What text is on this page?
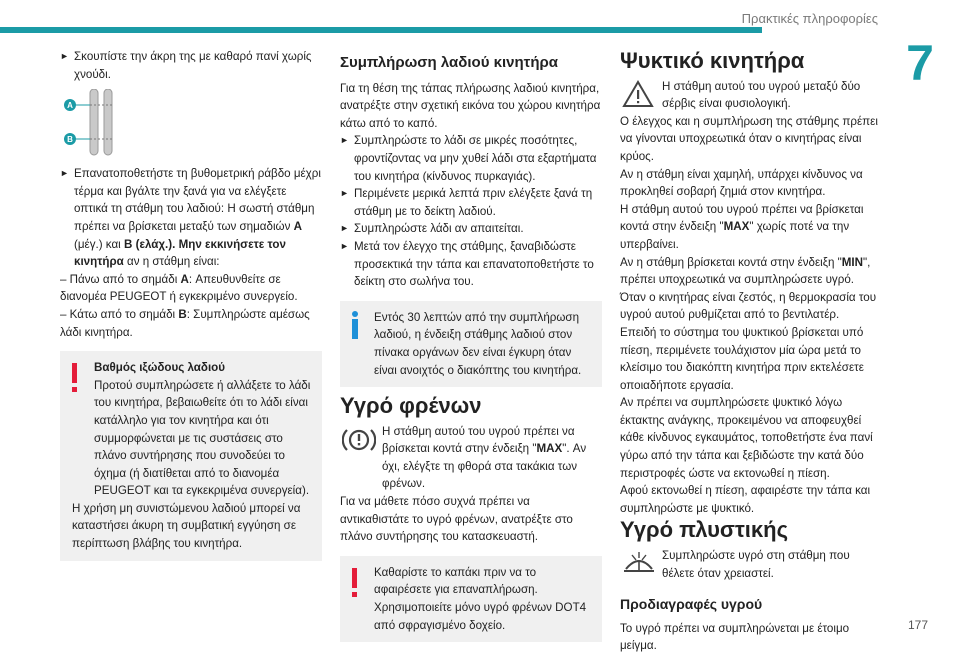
Πρακτικές πληροφορίες
7
177

► Σκουπίστε την άκρη της με καθαρό πανί χωρίς χνούδι.

A
B

► Επανατοποθετήστε τη βυθομετρική ράβδο μέχρι τέρμα και βγάλτε την ξανά για να ελέγξετε οπτικά τη στάθμη του λαδιού: Η σωστή στάθμη πρέπει να βρίσκεται μεταξύ των σημαδιών A (μέγ.) και B (ελάχ.). Μην εκκινήσετε τον κινητήρα αν η στάθμη είναι:

– Πάνω από το σημάδι A: Απευθυνθείτε σε διανομέα PEUGEOT ή εγκεκριμένο συνεργείο.

– Κάτω από το σημάδι B: Συμπληρώστε αμέσως λάδι κινητήρα.

Βαθμός ιξώδους λαδιού

Προτού συμπληρώσετε ή αλλάξετε το λάδι του κινητήρα, βεβαιωθείτε ότι το λάδι είναι κατάλληλο για τον κινητήρα και ότι συμμορφώνεται με τις συστάσεις στο πλάνο συντήρησης που συνοδεύει το όχημα (ή διατίθεται από το διανομέα PEUGEOT και τα εγκεκριμένα συνεργεία).

Η χρήση μη συνιστώμενου λαδιού μπορεί να καταστήσει άκυρη τη συμβατική εγγύηση σε περίπτωση βλάβης του κινητήρα.

Συμπλήρωση λαδιού κινητήρα

Για τη θέση της τάπας πλήρωσης λαδιού κινητήρα, ανατρέξτε στην σχετική εικόνα του χώρου κινητήρα κάτω από το καπό.

► Συμπληρώστε το λάδι σε μικρές ποσότητες, φροντίζοντας να μην χυθεί λάδι στα εξαρτήματα του κινητήρα (κίνδυνος πυρκαγιάς).

► Περιμένετε μερικά λεπτά πριν ελέγξετε ξανά τη στάθμη με το δείκτη λαδιού.

► Συμπληρώστε λάδι αν απαιτείται.

► Μετά τον έλεγχο της στάθμης, ξαναβιδώστε προσεκτικά την τάπα και επανατοποθετήστε το δείκτη στο σωλήνα του.

Εντός 30 λεπτών από την συμπλήρωση λαδιού, η ένδειξη στάθμης λαδιού στον πίνακα οργάνων δεν είναι έγκυρη όταν είναι ανοιχτός ο διακόπτης του κινητήρα.

Υγρό φρένων

Η στάθμη αυτού του υγρού πρέπει να βρίσκεται κοντά στην ένδειξη "MAX". Αν όχι, ελέγξτε τη φθορά στα τακάκια των φρένων.

Για να μάθετε πόσο συχνά πρέπει να αντικαθιστάτε το υγρό φρένων, ανατρέξτε στο πλάνο συντήρησης του κατασκευαστή.

Καθαρίστε το καπάκι πριν να το αφαιρέσετε για επαναπλήρωση. Χρησιμοποιείτε μόνο υγρό φρένων DOT4 από σφραγισμένο δοχείο.

Ψυκτικό κινητήρα

Η στάθμη αυτού του υγρού μεταξύ δύο σέρβις είναι φυσιολογική.

Ο έλεγχος και η συμπλήρωση της στάθμης πρέπει να γίνονται υποχρεωτικά όταν ο κινητήρας είναι κρύος.

Αν η στάθμη είναι χαμηλή, υπάρχει κίνδυνος να προκληθεί σοβαρή ζημιά στον κινητήρα.

Η στάθμη αυτού του υγρού πρέπει να βρίσκεται κοντά στην ένδειξη "MAX" χωρίς ποτέ να την υπερβαίνει.

Αν η στάθμη βρίσκεται κοντά στην ένδειξη "MIN", πρέπει υποχρεωτικά να συμπληρώσετε υγρό.

Όταν ο κινητήρας είναι ζεστός, η θερμοκρασία του υγρού αυτού ρυθμίζεται από το βεντιλατέρ.

Επειδή το σύστημα του ψυκτικού βρίσκεται υπό πίεση, περιμένετε τουλάχιστον μία ώρα μετά το κλείσιμο του διακόπτη κινητήρα πριν εκτελέσετε οποιαδήποτε εργασία.

Αν πρέπει να συμπληρώσετε ψυκτικό λόγω έκτακτης ανάγκης, προκειμένου να αποφευχθεί κάθε κίνδυνος εγκαυμάτος, τοποθετήστε ένα πανί γύρω από την τάπα και ξεβιδώστε την κατά δύο περιστροφές ώστε να εκτονωθεί η πίεση.

Αφού εκτονωθεί η πίεση, αφαιρέστε την τάπα και συμπληρώστε με ψυκτικό.

Υγρό πλυστικής

Συμπληρώστε υγρό στη στάθμη που θέλετε όταν χρειαστεί.

Προδιαγραφές υγρού

Το υγρό πρέπει να συμπληρώνεται με έτοιμο μείγμα.
